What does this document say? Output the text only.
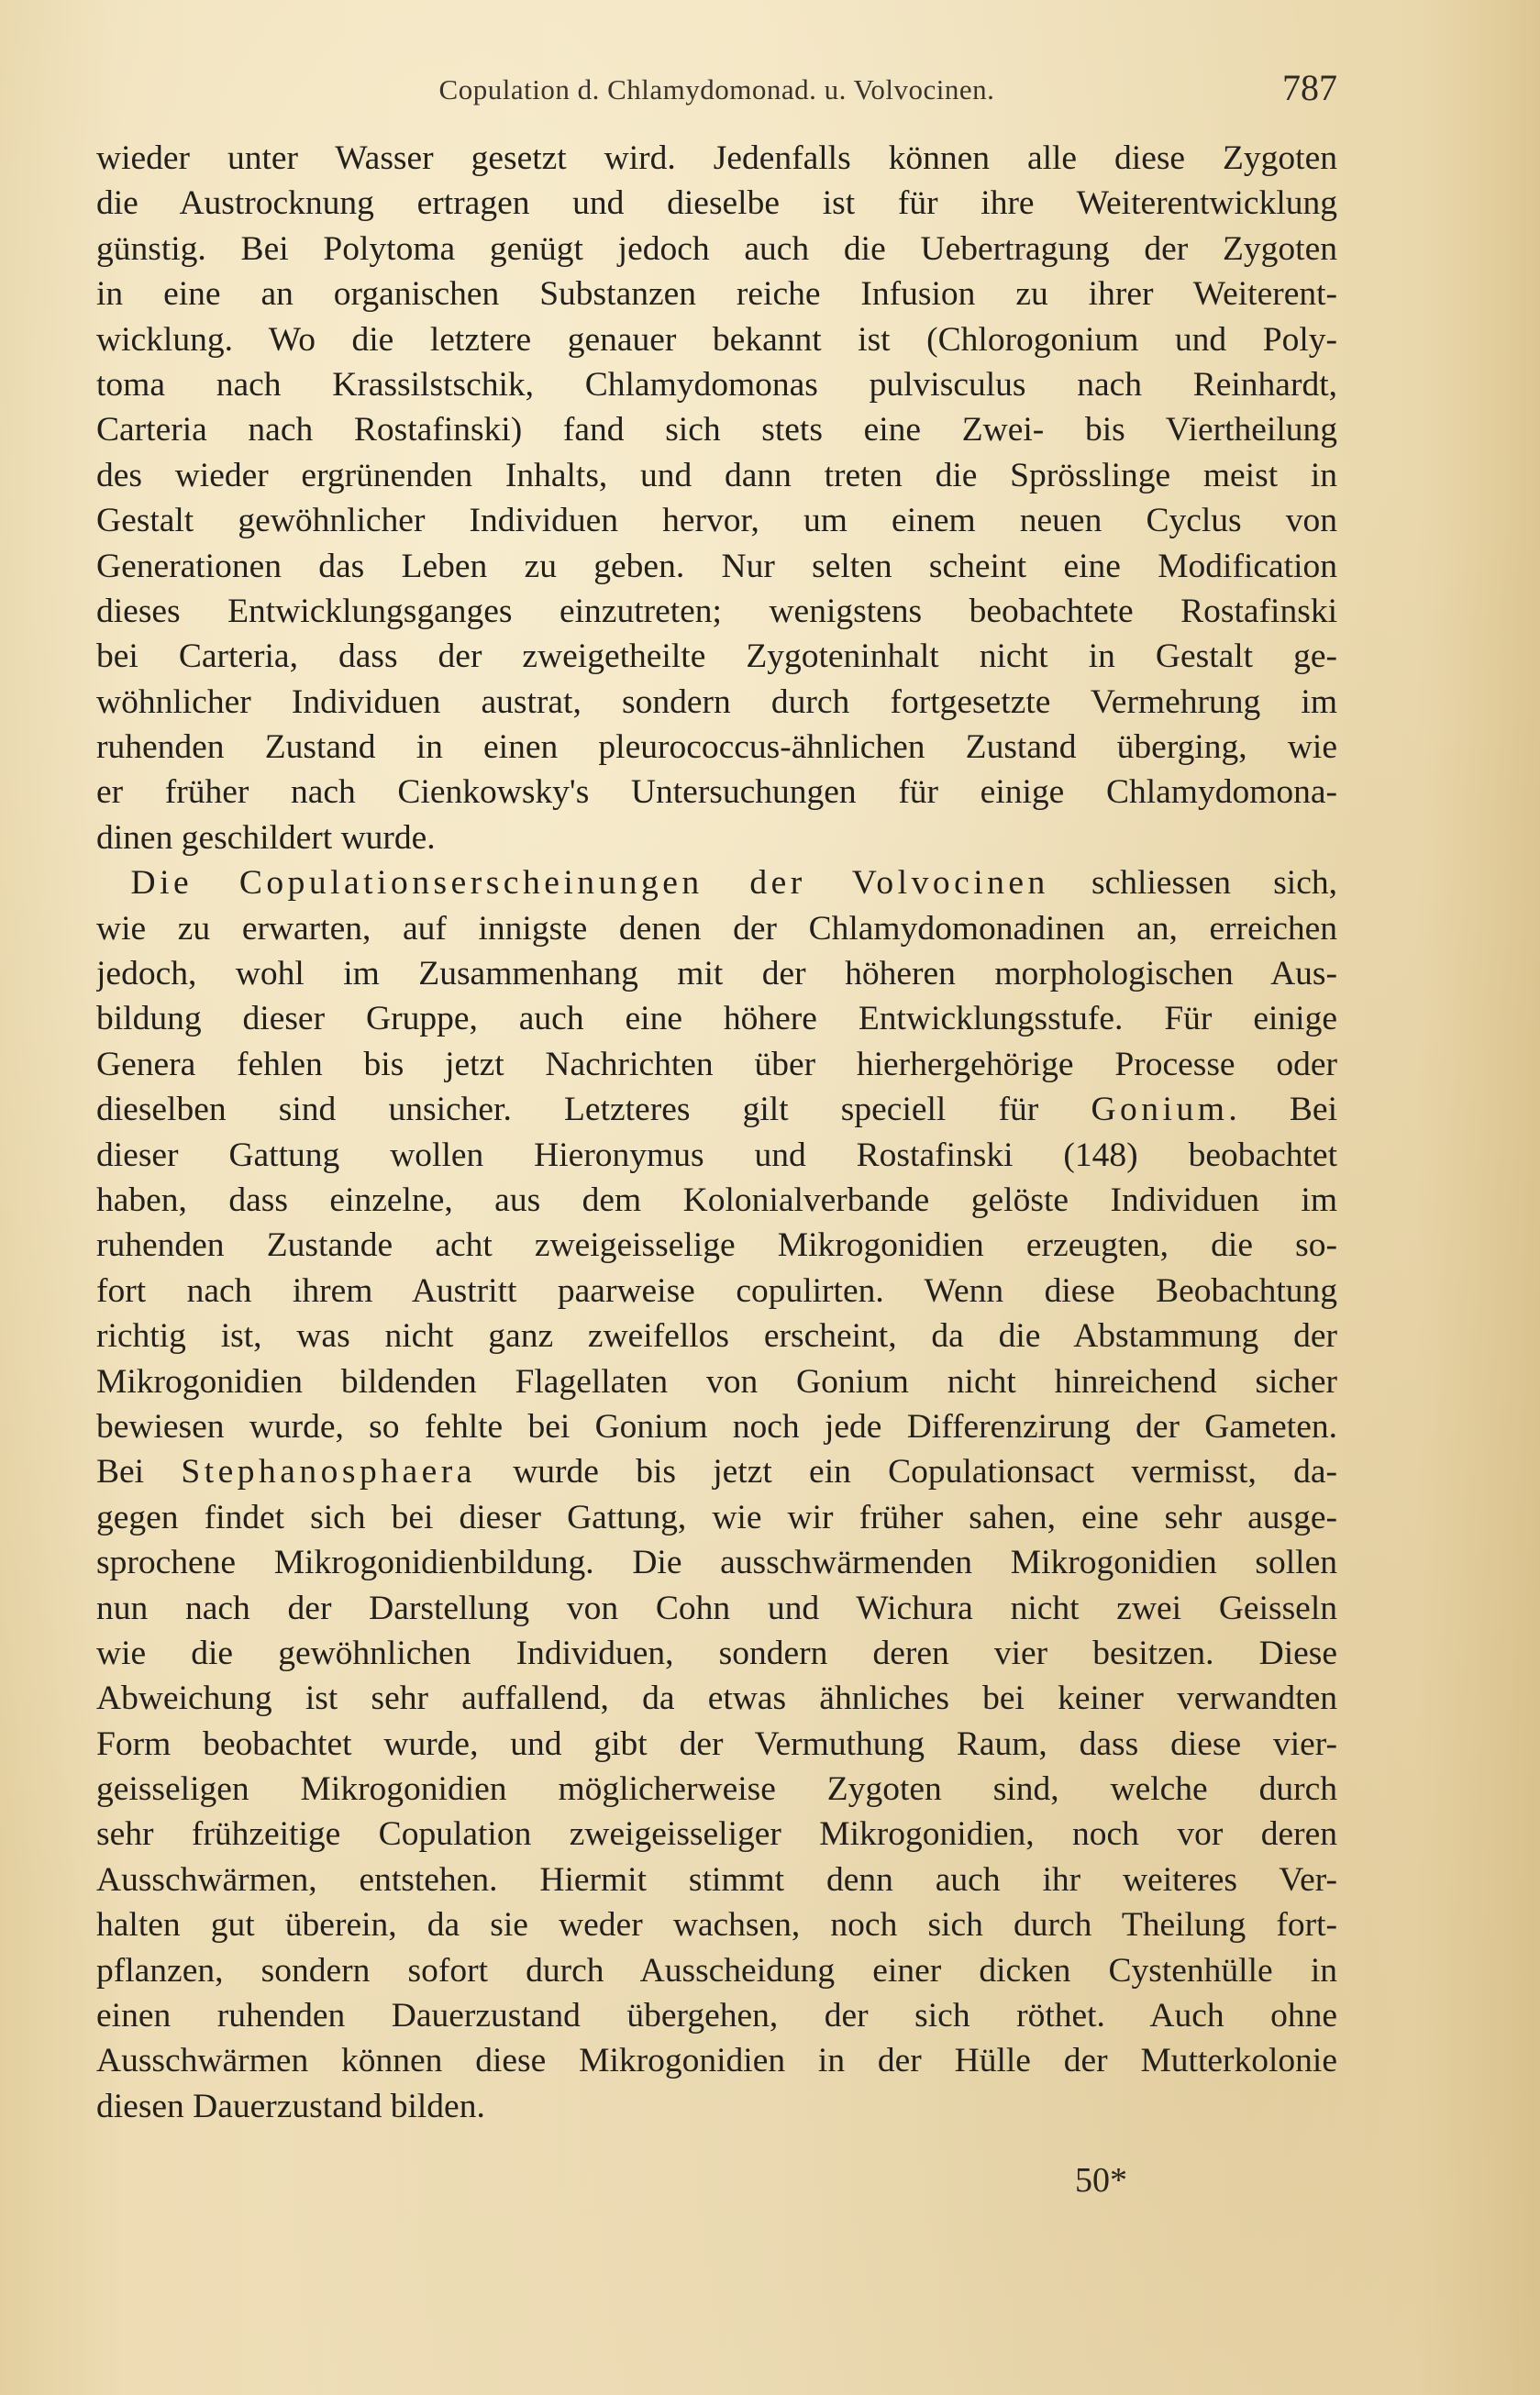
Copulation d. Chlamydomonad. u. Volvocinen.	787
wieder unter Wasser gesetzt wird. Jedenfalls können alle diese Zygoten
die Austrocknung ertragen und dieselbe ist für ihre Weiterentwicklung
günstig. Bei Polytoma genügt jedoch auch die Uebertragung der Zygoten
in eine an organischen Substanzen reiche Infusion zu ihrer Weiterent-
wicklung. Wo die letztere genauer bekannt ist (Chlorogonium und Poly-
toma nach Krassilstschik, Chlamydomonas pulvisculus nach Reinhardt,
Carteria nach Rostafinski) fand sich stets eine Zwei- bis Viertheilung
des wieder ergrünenden Inhalts, und dann treten die Sprösslinge meist in
Gestalt gewöhnlicher Individuen hervor, um einem neuen Cyclus von
Generationen das Leben zu geben. Nur selten scheint eine Modification
dieses Entwicklungsganges einzutreten; wenigstens beobachtete Rostafinski
bei Carteria, dass der zweigetheilte Zygoteninhalt nicht in Gestalt ge-
wöhnlicher Individuen austrat, sondern durch fortgesetzte Vermehrung im
ruhenden Zustand in einen pleurococcus-ähnlichen Zustand überging, wie
er früher nach Cienkowsky's Untersuchungen für einige Chlamydomona-
dinen geschildert wurde.
 Die Copulationserscheinungen der Volvocinen schliessen sich,
wie zu erwarten, auf innigste denen der Chlamydomonadinen an, erreichen
jedoch, wohl im Zusammenhang mit der höheren morphologischen Aus-
bildung dieser Gruppe, auch eine höhere Entwicklungsstufe. Für einige
Genera fehlen bis jetzt Nachrichten über hierhergehörige Processe oder
dieselben sind unsicher. Letzteres gilt speciell für Gonium. Bei
dieser Gattung wollen Hieronymus und Rostafinski (148) beobachtet
haben, dass einzelne, aus dem Kolonialverbande gelöste Individuen im
ruhenden Zustande acht zweigeisselige Mikrogonidien erzeugten, die so-
fort nach ihrem Austritt paarweise copulirten. Wenn diese Beobachtung
richtig ist, was nicht ganz zweifellos erscheint, da die Abstammung der
Mikrogonidien bildenden Flagellaten von Gonium nicht hinreichend sicher
bewiesen wurde, so fehlte bei Gonium noch jede Differenzirung der Gameten.
Bei Stephanosphaera wurde bis jetzt ein Copulationsact vermisst, da-
gegen findet sich bei dieser Gattung, wie wir früher sahen, eine sehr ausge-
sprochene Mikrogonidienbildung. Die ausschwärmenden Mikrogonidien sollen
nun nach der Darstellung von Cohn und Wichura nicht zwei Geisseln
wie die gewöhnlichen Individuen, sondern deren vier besitzen. Diese
Abweichung ist sehr auffallend, da etwas ähnliches bei keiner verwandten
Form beobachtet wurde, und gibt der Vermuthung Raum, dass diese vier-
geisseligen Mikrogonidien möglicherweise Zygoten sind, welche durch
sehr frühzeitige Copulation zweigeisseliger Mikrogonidien, noch vor deren
Ausschwärmen, entstehen. Hiermit stimmt denn auch ihr weiteres Ver-
halten gut überein, da sie weder wachsen, noch sich durch Theilung fort-
pflanzen, sondern sofort durch Ausscheidung einer dicken Cystenhülle in
einen ruhenden Dauerzustand übergehen, der sich röthet. Auch ohne
Ausschwärmen können diese Mikrogonidien in der Hülle der Mutterkolonie
diesen Dauerzustand bilden.
50*
